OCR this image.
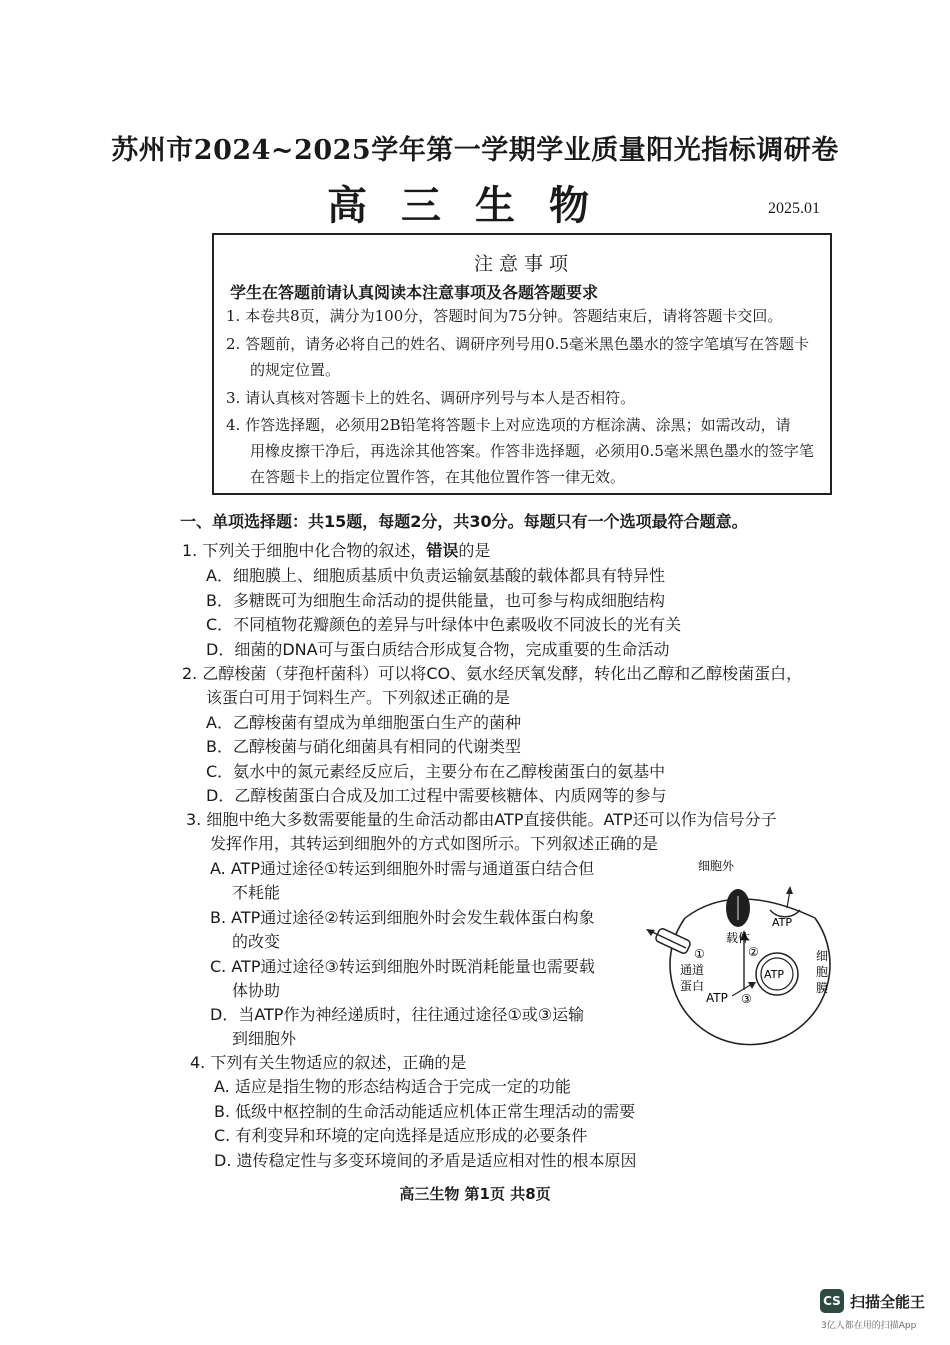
苏州市2024~2025学年第一学期学业质量阳光指标调研卷
高三生物	2025.01
注意事项
学生在答题前请认真阅读本注意事项及各题答题要求
1. 本卷共8页，满分为100分，答题时间为75分钟。答题结束后，请将答题卡交回。
2. 答题前，请务必将自己的姓名、调研序列号用0.5毫米黑色墨水的签字笔填写在答题卡
的规定位置。
3. 请认真核对答题卡上的姓名、调研序列号与本人是否相符。
4. 作答选择题，必须用2B铅笔将答题卡上对应选项的方框涂满、涂黑；如需改动，请
用橡皮擦干净后，再选涂其他答案。作答非选择题，必须用0.5毫米黑色墨水的签字笔
在答题卡上的指定位置作答，在其他位置作答一律无效。
一、单项选择题：共15题，每题2分，共30分。每题只有一个选项最符合题意。
1. 下列关于细胞中化合物的叙述，错误的是
A．细胞膜上、细胞质基质中负责运输氨基酸的载体都具有特异性
B．多糖既可为细胞生命活动的提供能量，也可参与构成细胞结构
C．不同植物花瓣颜色的差异与叶绿体中色素吸收不同波长的光有关
D．细菌的DNA可与蛋白质结合形成复合物，完成重要的生命活动
2. 乙醇梭菌（芽孢杆菌科）可以将CO、氨水经厌氧发酵，转化出乙醇和乙醇梭菌蛋白，
该蛋白可用于饲料生产。下列叙述正确的是
A．乙醇梭菌有望成为单细胞蛋白生产的菌种
B．乙醇梭菌与硝化细菌具有相同的代谢类型
C．氨水中的氮元素经反应后，主要分布在乙醇梭菌蛋白的氨基中
D．乙醇梭菌蛋白合成及加工过程中需要核糖体、内质网等的参与
3. 细胞中绝大多数需要能量的生命活动都由ATP直接供能。ATP还可以作为信号分子
发挥作用，其转运到细胞外的方式如图所示。下列叙述正确的是
A. ATP通过途径①转运到细胞外时需与通道蛋白结合但
不耗能
B. ATP通过途径②转运到细胞外时会发生载体蛋白构象
的改变
C. ATP通过途径③转运到细胞外时既消耗能量也需要载
体协助
D．当ATP作为神经递质时，往往通过途径①或③运输
到细胞外
细胞外
ATP
ATP
载体
②
①
通道
蛋白
ATP ③
细
胞
膜
4. 下列有关生物适应的叙述，正确的是
A. 适应是指生物的形态结构适合于完成一定的功能
B. 低级中枢控制的生命活动能适应机体正常生理活动的需要
C. 有利变异和环境的定向选择是适应形成的必要条件
D. 遗传稳定性与多变环境间的矛盾是适应相对性的根本原因
高三生物 第1页 共8页
CS 扫描全能王
3亿人都在用的扫描App
